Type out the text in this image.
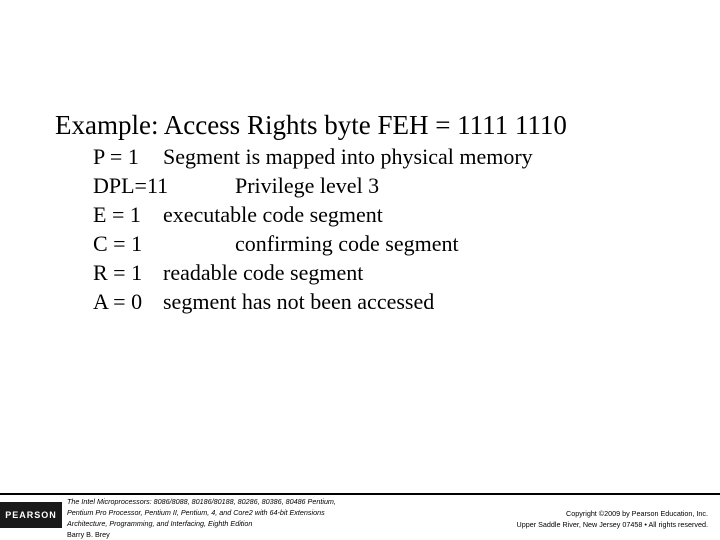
Example: Access Rights byte FEH = 1111 1110
P = 1 Segment is mapped into physical memory
DPL=11	Privilege level 3
E = 1 executable code segment
C = 1	confirming code segment
R = 1 readable code segment
A = 0 segment has not been accessed
PEARSON
The Intel Microprocessors: 8086/8088, 80186/80188, 80286, 80386, 80486 Pentium,
Pentium Pro Processor, Pentium II, Pentium, 4, and Core2 with 64-bit Extensions
Architecture, Programming, and Interfacing, Eighth Edition
Barry B. Brey
Copyright ©2009 by Pearson Education, Inc.
Upper Saddle River, New Jersey 07458 • All rights reserved.
